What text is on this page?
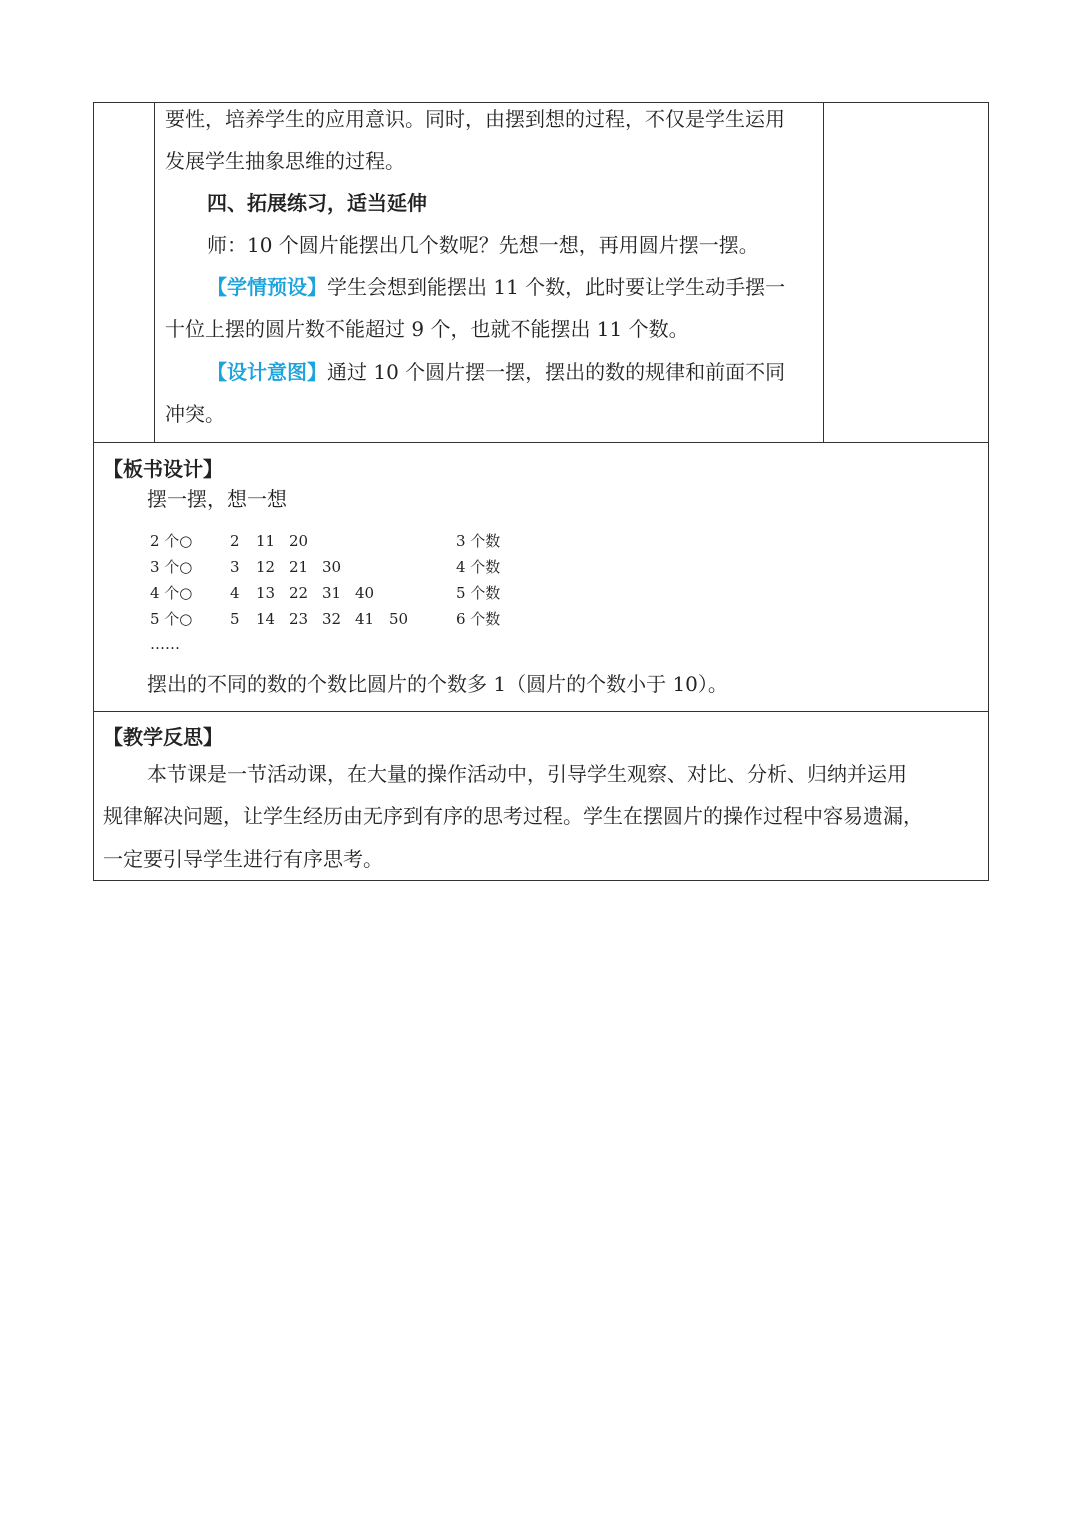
要性，培养学生的应用意识。同时，由摆到想的过程，不仅是学生运用
发展学生抽象思维的过程。
四、拓展练习，适当延伸
师：10 个圆片能摆出几个数呢？先想一想，再用圆片摆一摆。
【学情预设】学生会想到能摆出 11 个数，此时要让学生动手摆一
十位上摆的圆片数不能超过 9 个，也就不能摆出 11 个数。
【设计意图】通过 10 个圆片摆一摆，摆出的数的规律和前面不同
冲突。
【板书设计】
摆一摆，想一想
2 个○	2 11 20	3 个数
3 个○	3 12 21 30	4 个数
4 个○	4 13 22 31 40	5 个数
5 个○	5 14 23 32 41 50	6 个数
……
摆出的不同的数的个数比圆片的个数多 1（圆片的个数小于 10）。
【教学反思】
本节课是一节活动课，在大量的操作活动中，引导学生观察、对比、分析、归纳并运用
规律解决问题，让学生经历由无序到有序的思考过程。学生在摆圆片的操作过程中容易遗漏，
一定要引导学生进行有序思考。
